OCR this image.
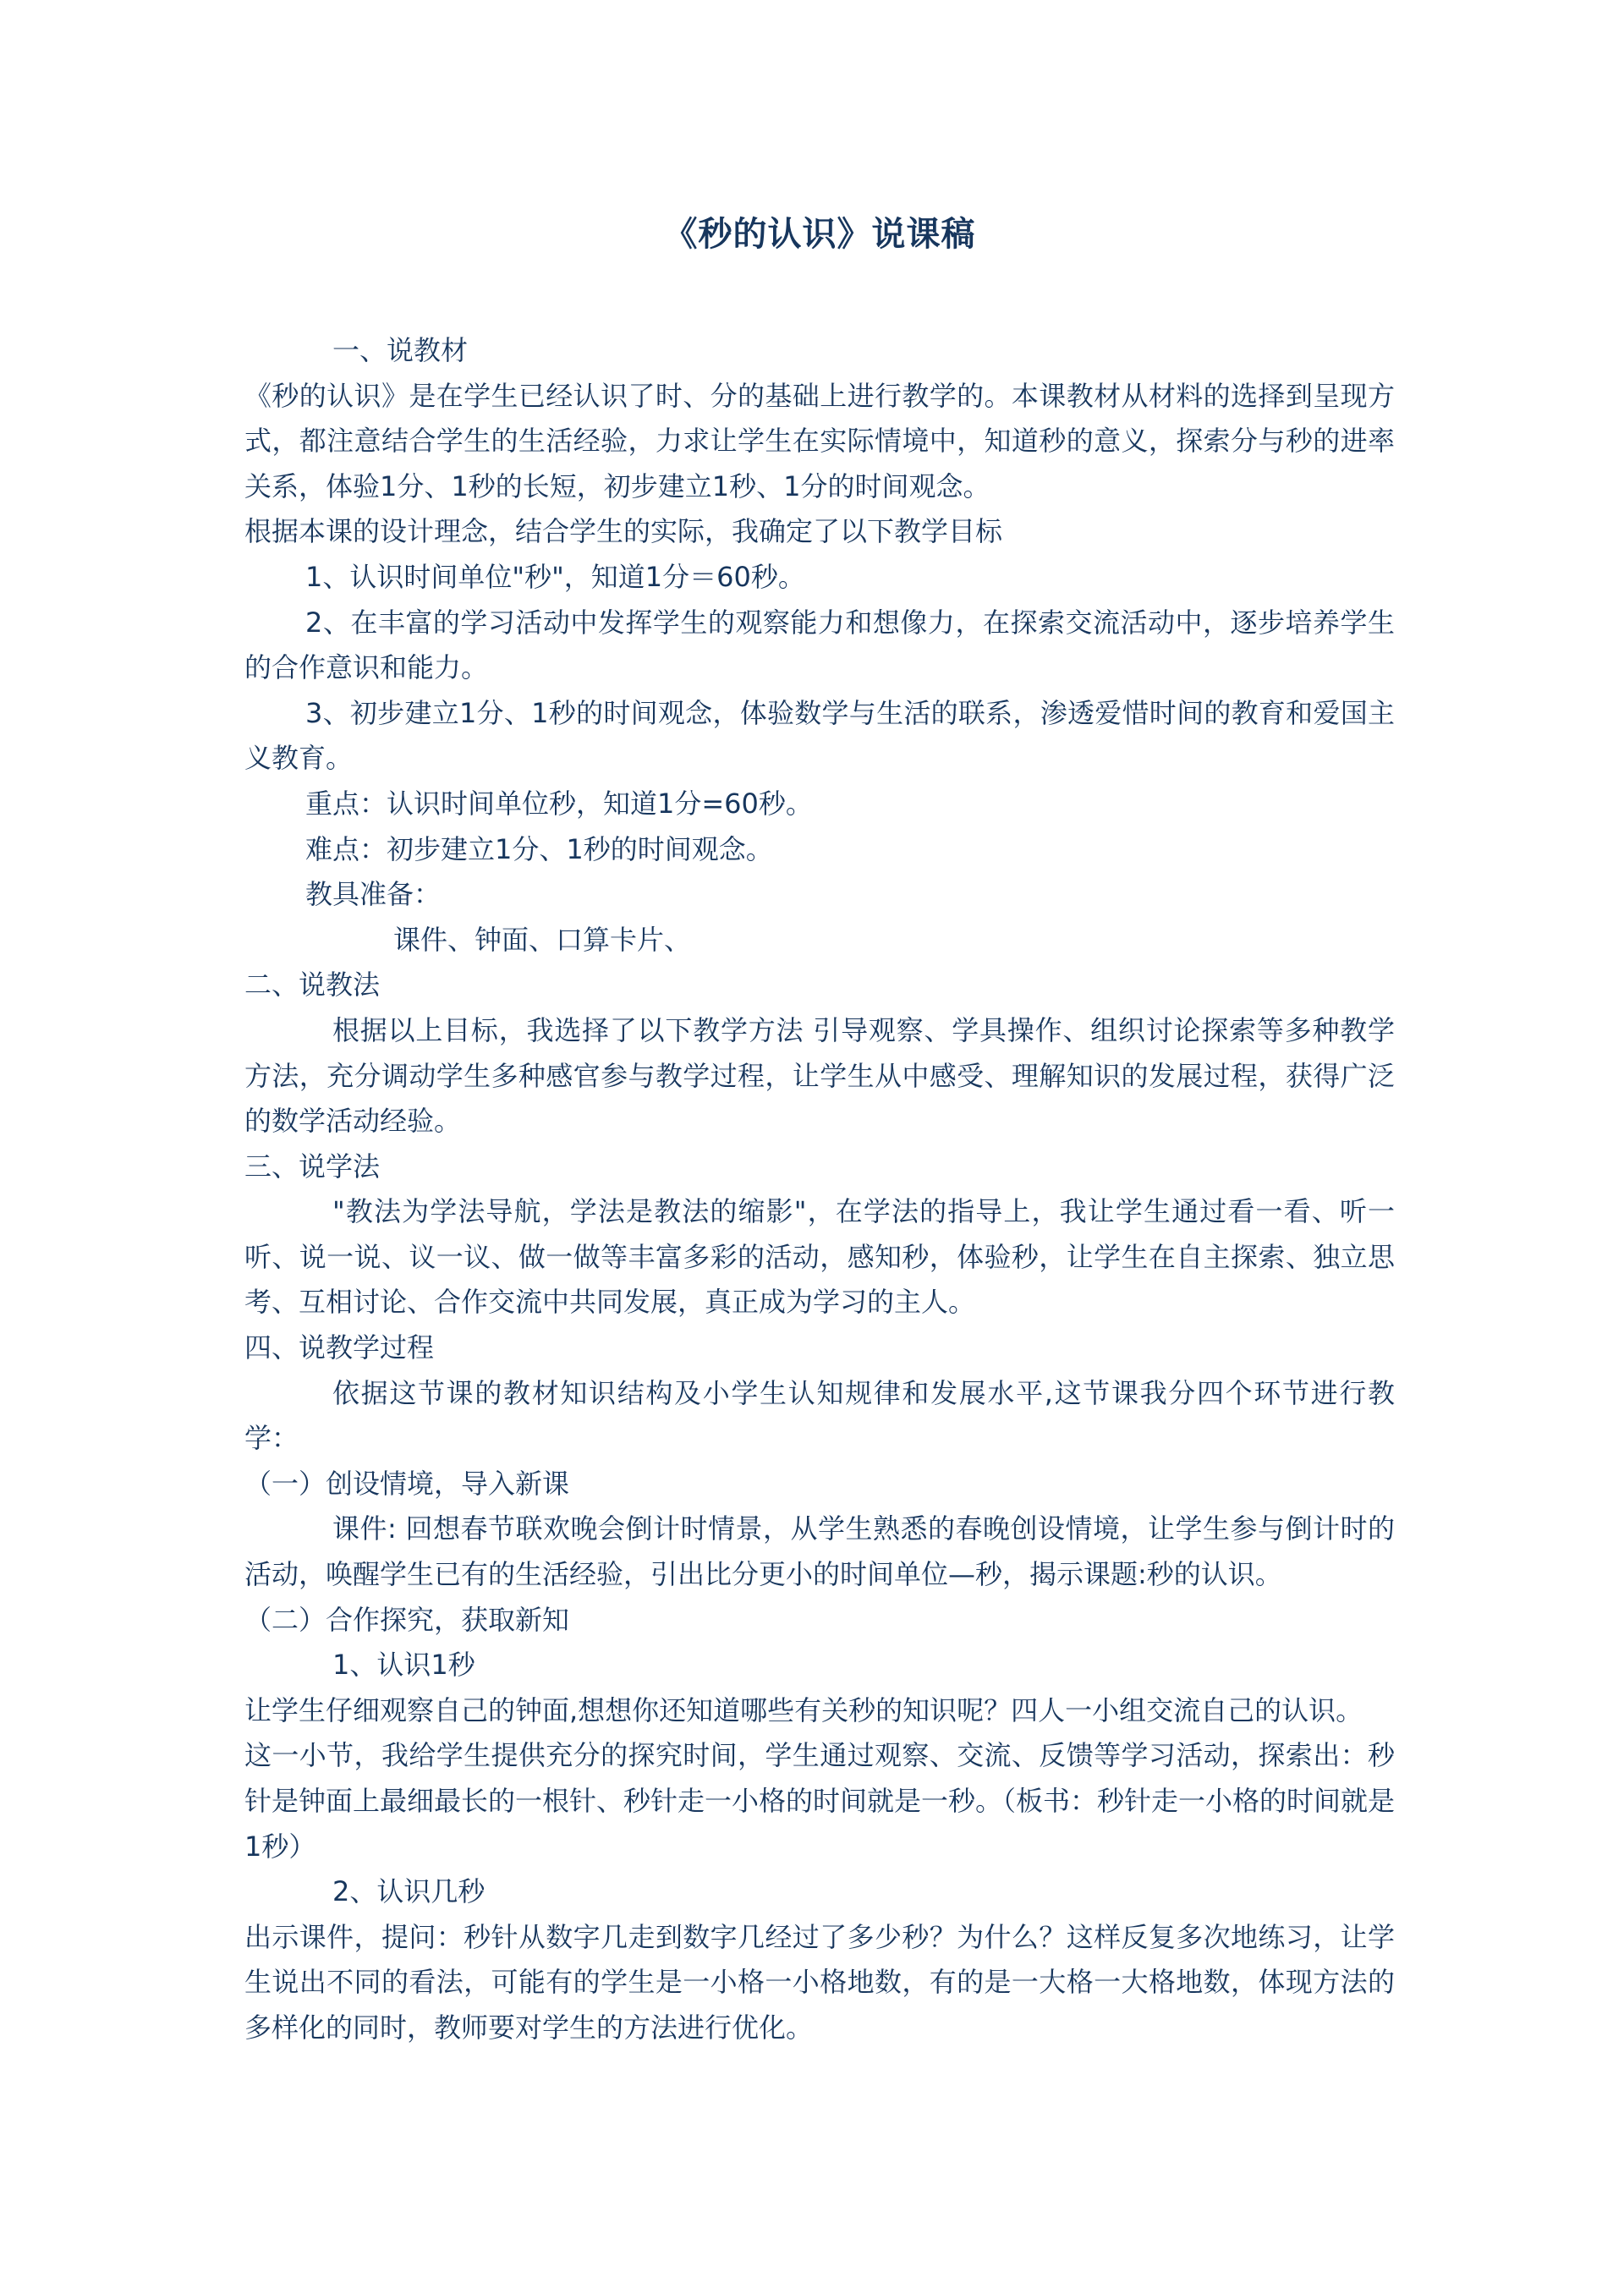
《秒的认识》说课稿

一、说教材

《秒的认识》是在学生已经认识了时、分的基础上进行教学的。本课教材从材料的选择到呈现方式，都注意结合学生的生活经验，力求让学生在实际情境中，知道秒的意义，探索分与秒的进率关系，体验1分、1秒的长短，初步建立1秒、1分的时间观念。

根据本课的设计理念，结合学生的实际，我确定了以下教学目标

1、认识时间单位"秒"，知道1分＝60秒。

2、在丰富的学习活动中发挥学生的观察能力和想像力，在探索交流活动中，逐步培养学生的合作意识和能力。

3、初步建立1分、1秒的时间观念，体验数学与生活的联系，渗透爱惜时间的教育和爱国主义教育。

重点：认识时间单位秒，知道1分=60秒。

难点：初步建立1分、1秒的时间观念。

教具准备：

课件、钟面、口算卡片、

二、说教法

根据以上目标，我选择了以下教学方法 引导观察、学具操作、组织讨论探索等多种教学方法，充分调动学生多种感官参与教学过程，让学生从中感受、理解知识的发展过程，获得广泛的数学活动经验。

三、说学法

"教法为学法导航，学法是教法的缩影"，在学法的指导上，我让学生通过看一看、听一听、说一说、议一议、做一做等丰富多彩的活动，感知秒，体验秒，让学生在自主探索、独立思考、互相讨论、合作交流中共同发展，真正成为学习的主人。

四、说教学过程

依据这节课的教材知识结构及小学生认知规律和发展水平,这节课我分四个环节进行教学：

（一）创设情境，导入新课

课件: 回想春节联欢晚会倒计时情景，从学生熟悉的春晚创设情境，让学生参与倒计时的活动，唤醒学生已有的生活经验，引出比分更小的时间单位—秒，揭示课题:秒的认识。

（二）合作探究，获取新知

1、认识1秒

让学生仔细观察自己的钟面,想想你还知道哪些有关秒的知识呢？四人一小组交流自己的认识。

这一小节，我给学生提供充分的探究时间，学生通过观察、交流、反馈等学习活动，探索出：秒针是钟面上最细最长的一根针、秒针走一小格的时间就是一秒。（板书：秒针走一小格的时间就是1秒）

2、认识几秒

出示课件，提问：秒针从数字几走到数字几经过了多少秒？为什么？这样反复多次地练习，让学生说出不同的看法，可能有的学生是一小格一小格地数，有的是一大格一大格地数，体现方法的多样化的同时，教师要对学生的方法进行优化。
